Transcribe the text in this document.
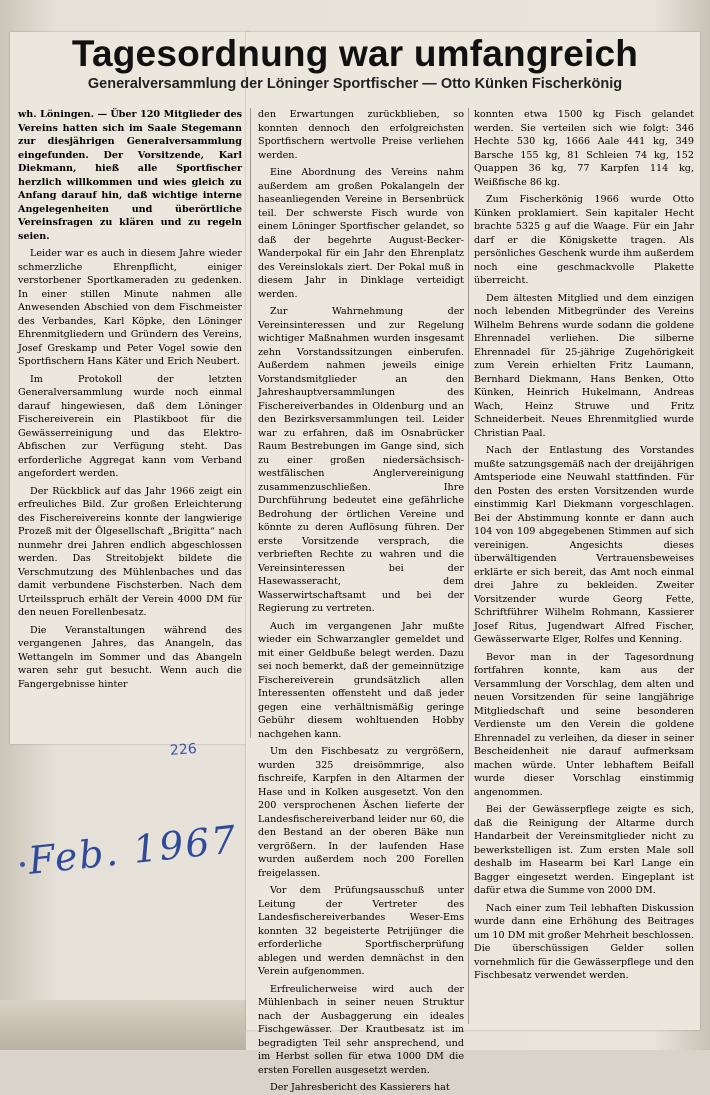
Tagesordnung war umfangreich
Generalversammlung der Löninger Sportfischer — Otto Künken Fischerkönig

wh. Löningen. — Über 120 Mitglieder des Vereins hatten sich im Saale Stegemann zur diesjährigen Generalversammlung eingefunden. Der Vorsitzende, Karl Diekmann, hieß alle Sportfischer herzlich willkommen und wies gleich zu Anfang darauf hin, daß wichtige interne Angelegenheiten und überörtliche Vereinsfragen zu klären und zu regeln seien.

Leider war es auch in diesem Jahre wieder schmerzliche Ehrenpflicht, einiger verstorbener Sportkameraden zu gedenken. In einer stillen Minute nahmen alle Anwesenden Abschied von dem Fischmeister des Verbandes, Karl Köpke, den Löninger Ehrenmitgliedern und Gründern des Vereins, Josef Greskamp und Peter Vogel sowie den Sportfischern Hans Käter und Erich Neubert.

Im Protokoll der letzten Generalversammlung wurde noch einmal darauf hingewiesen, daß dem Löninger Fischereiverein ein Plastikboot für die Gewässerreinigung und das Elektro-Abfischen zur Verfügung steht. Das erforderliche Aggregat kann vom Verband angefordert werden.

Der Rückblick auf das Jahr 1966 zeigt ein erfreuliches Bild. Zur großen Erleichterung des Fischereivereins konnte der langwierige Prozeß mit der Ölgesellschaft „Brigitta“ nach nunmehr drei Jahren endlich abgeschlossen werden. Das Streitobjekt bildete die Verschmutzung des Mühlenbaches und das damit verbundene Fischsterben. Nach dem Urteilsspruch erhält der Verein 4000 DM für den neuen Forellenbesatz.

Die Veranstaltungen während des vergangenen Jahres, das Anangeln, das Wettangeln im Sommer und das Abangeln waren sehr gut besucht. Wenn auch die Fangergebnisse hinter

den Erwartungen zurückblieben, so konnten dennoch den erfolgreichsten Sportfischern wertvolle Preise verliehen werden.

Eine Abordnung des Vereins nahm außerdem am großen Pokalangeln der haseanliegenden Vereine in Bersenbrück teil. Der schwerste Fisch wurde von einem Löninger Sportfischer gelandet, so daß der begehrte August-Becker-Wanderpokal für ein Jahr den Ehrenplatz des Vereinslokals ziert. Der Pokal muß in diesem Jahr in Dinklage verteidigt werden.

Zur Wahrnehmung der Vereinsinteressen und zur Regelung wichtiger Maßnahmen wurden insgesamt zehn Vorstandssitzungen einberufen. Außerdem nahmen jeweils einige Vorstandsmitglieder an den Jahreshauptversammlungen des Fischereiverbandes in Oldenburg und an den Bezirksversammlungen teil. Leider war zu erfahren, daß im Osnabrücker Raum Bestrebungen im Gange sind, sich zu einer großen niedersächsisch-westfälischen Anglervereinigung zusammenzuschließen. Ihre Durchführung bedeutet eine gefährliche Bedrohung der örtlichen Vereine und könnte zu deren Auflösung führen. Der erste Vorsitzende versprach, die verbrieften Rechte zu wahren und die Vereinsinteressen bei der Hasewasseracht, dem Wasserwirtschaftsamt und bei der Regierung zu vertreten.

Auch im vergangenen Jahr mußte wieder ein Schwarzangler gemeldet und mit einer Geldbuße belegt werden. Dazu sei noch bemerkt, daß der gemeinnützige Fischereiverein grundsätzlich allen Interessenten offensteht und daß jeder gegen eine verhältnismäßig geringe Gebühr diesem wohltuenden Hobby nachgehen kann.

Um den Fischbesatz zu vergrößern, wurden 325 dreisömmrige, also fischreife, Karpfen in den Altarmen der Hase und in Kolken ausgesetzt. Von den 200 versprochenen Äschen lieferte der Landesfischereiverband leider nur 60, die den Bestand an der oberen Bäke nun vergrößern. In der laufenden Hase wurden außerdem noch 200 Forellen freigelassen.

Vor dem Prüfungsausschuß unter Leitung der Vertreter des Landesfischereiverbandes Weser-Ems konnten 32 begeisterte Petrijünger die erforderliche Sportfischerprüfung ablegen und werden demnächst in den Verein aufgenommen.

Erfreulicherweise wird auch der Mühlenbach in seiner neuen Struktur nach der Ausbaggerung ein ideales Fischgewässer. Der Krautbesatz ist im begradigten Teil sehr ansprechend, und im Herbst sollen für etwa 1000 DM die ersten Forellen ausgesetzt werden.

Der Jahresbericht des Kassierers hat

konnten etwa 1500 kg Fisch gelandet werden. Sie verteilen sich wie folgt: 346 Hechte 530 kg, 1666 Aale 441 kg, 349 Barsche 155 kg, 81 Schleien 74 kg, 152 Quappen 36 kg, 77 Karpfen 114 kg, Weißfische 86 kg.

Zum Fischerkönig 1966 wurde Otto Künken proklamiert. Sein kapitaler Hecht brachte 5325 g auf die Waage. Für ein Jahr darf er die Königskette tragen. Als persönliches Geschenk wurde ihm außerdem noch eine geschmackvolle Plakette überreicht.

Dem ältesten Mitglied und dem einzigen noch lebenden Mitbegründer des Vereins Wilhelm Behrens wurde sodann die goldene Ehrennadel verliehen. Die silberne Ehrennadel für 25-jährige Zugehörigkeit zum Verein erhielten Fritz Laumann, Bernhard Diekmann, Hans Benken, Otto Künken, Heinrich Hukelmann, Andreas Wach, Heinz Struwe und Fritz Schneiderbeit. Neues Ehrenmitglied wurde Christian Paal.

Nach der Entlastung des Vorstandes mußte satzungsgemäß nach der dreijährigen Amtsperiode eine Neuwahl stattfinden. Für den Posten des ersten Vorsitzenden wurde einstimmig Karl Diekmann vorgeschlagen. Bei der Abstimmung konnte er dann auch 104 von 109 abgegebenen Stimmen auf sich vereinigen. Angesichts dieses überwältigenden Vertrauensbeweises erklärte er sich bereit, das Amt noch einmal drei Jahre zu bekleiden. Zweiter Vorsitzender wurde Georg Fette, Schriftführer Wilhelm Rohmann, Kassierer Josef Ritus, Jugendwart Alfred Fischer, Gewässerwarte Elger, Rolfes und Kenning.

Bevor man in der Tagesordnung fortfahren konnte, kam aus der Versammlung der Vorschlag, dem alten und neuen Vorsitzenden für seine langjährige Mitgliedschaft und seine besonderen Verdienste um den Verein die goldene Ehrennadel zu verleihen, da dieser in seiner Bescheidenheit nie darauf aufmerksam machen würde. Unter lebhaftem Beifall wurde dieser Vorschlag einstimmig angenommen.

Bei der Gewässerpflege zeigte es sich, daß die Reinigung der Altarme durch Handarbeit der Vereinsmitglieder nicht zu bewerkstelligen ist. Zum ersten Male soll deshalb im Hasearm bei Karl Lange ein Bagger eingesetzt werden. Eingeplant ist dafür etwa die Summe von 2000 DM.

Nach einer zum Teil lebhaften Diskussion wurde dann eine Erhöhung des Beitrages um 10 DM mit großer Mehrheit beschlossen. Die überschüssigen Gelder sollen vornehmlich für die Gewässerpflege und den Fischbesatz verwendet werden.

226
Feb. 1967
